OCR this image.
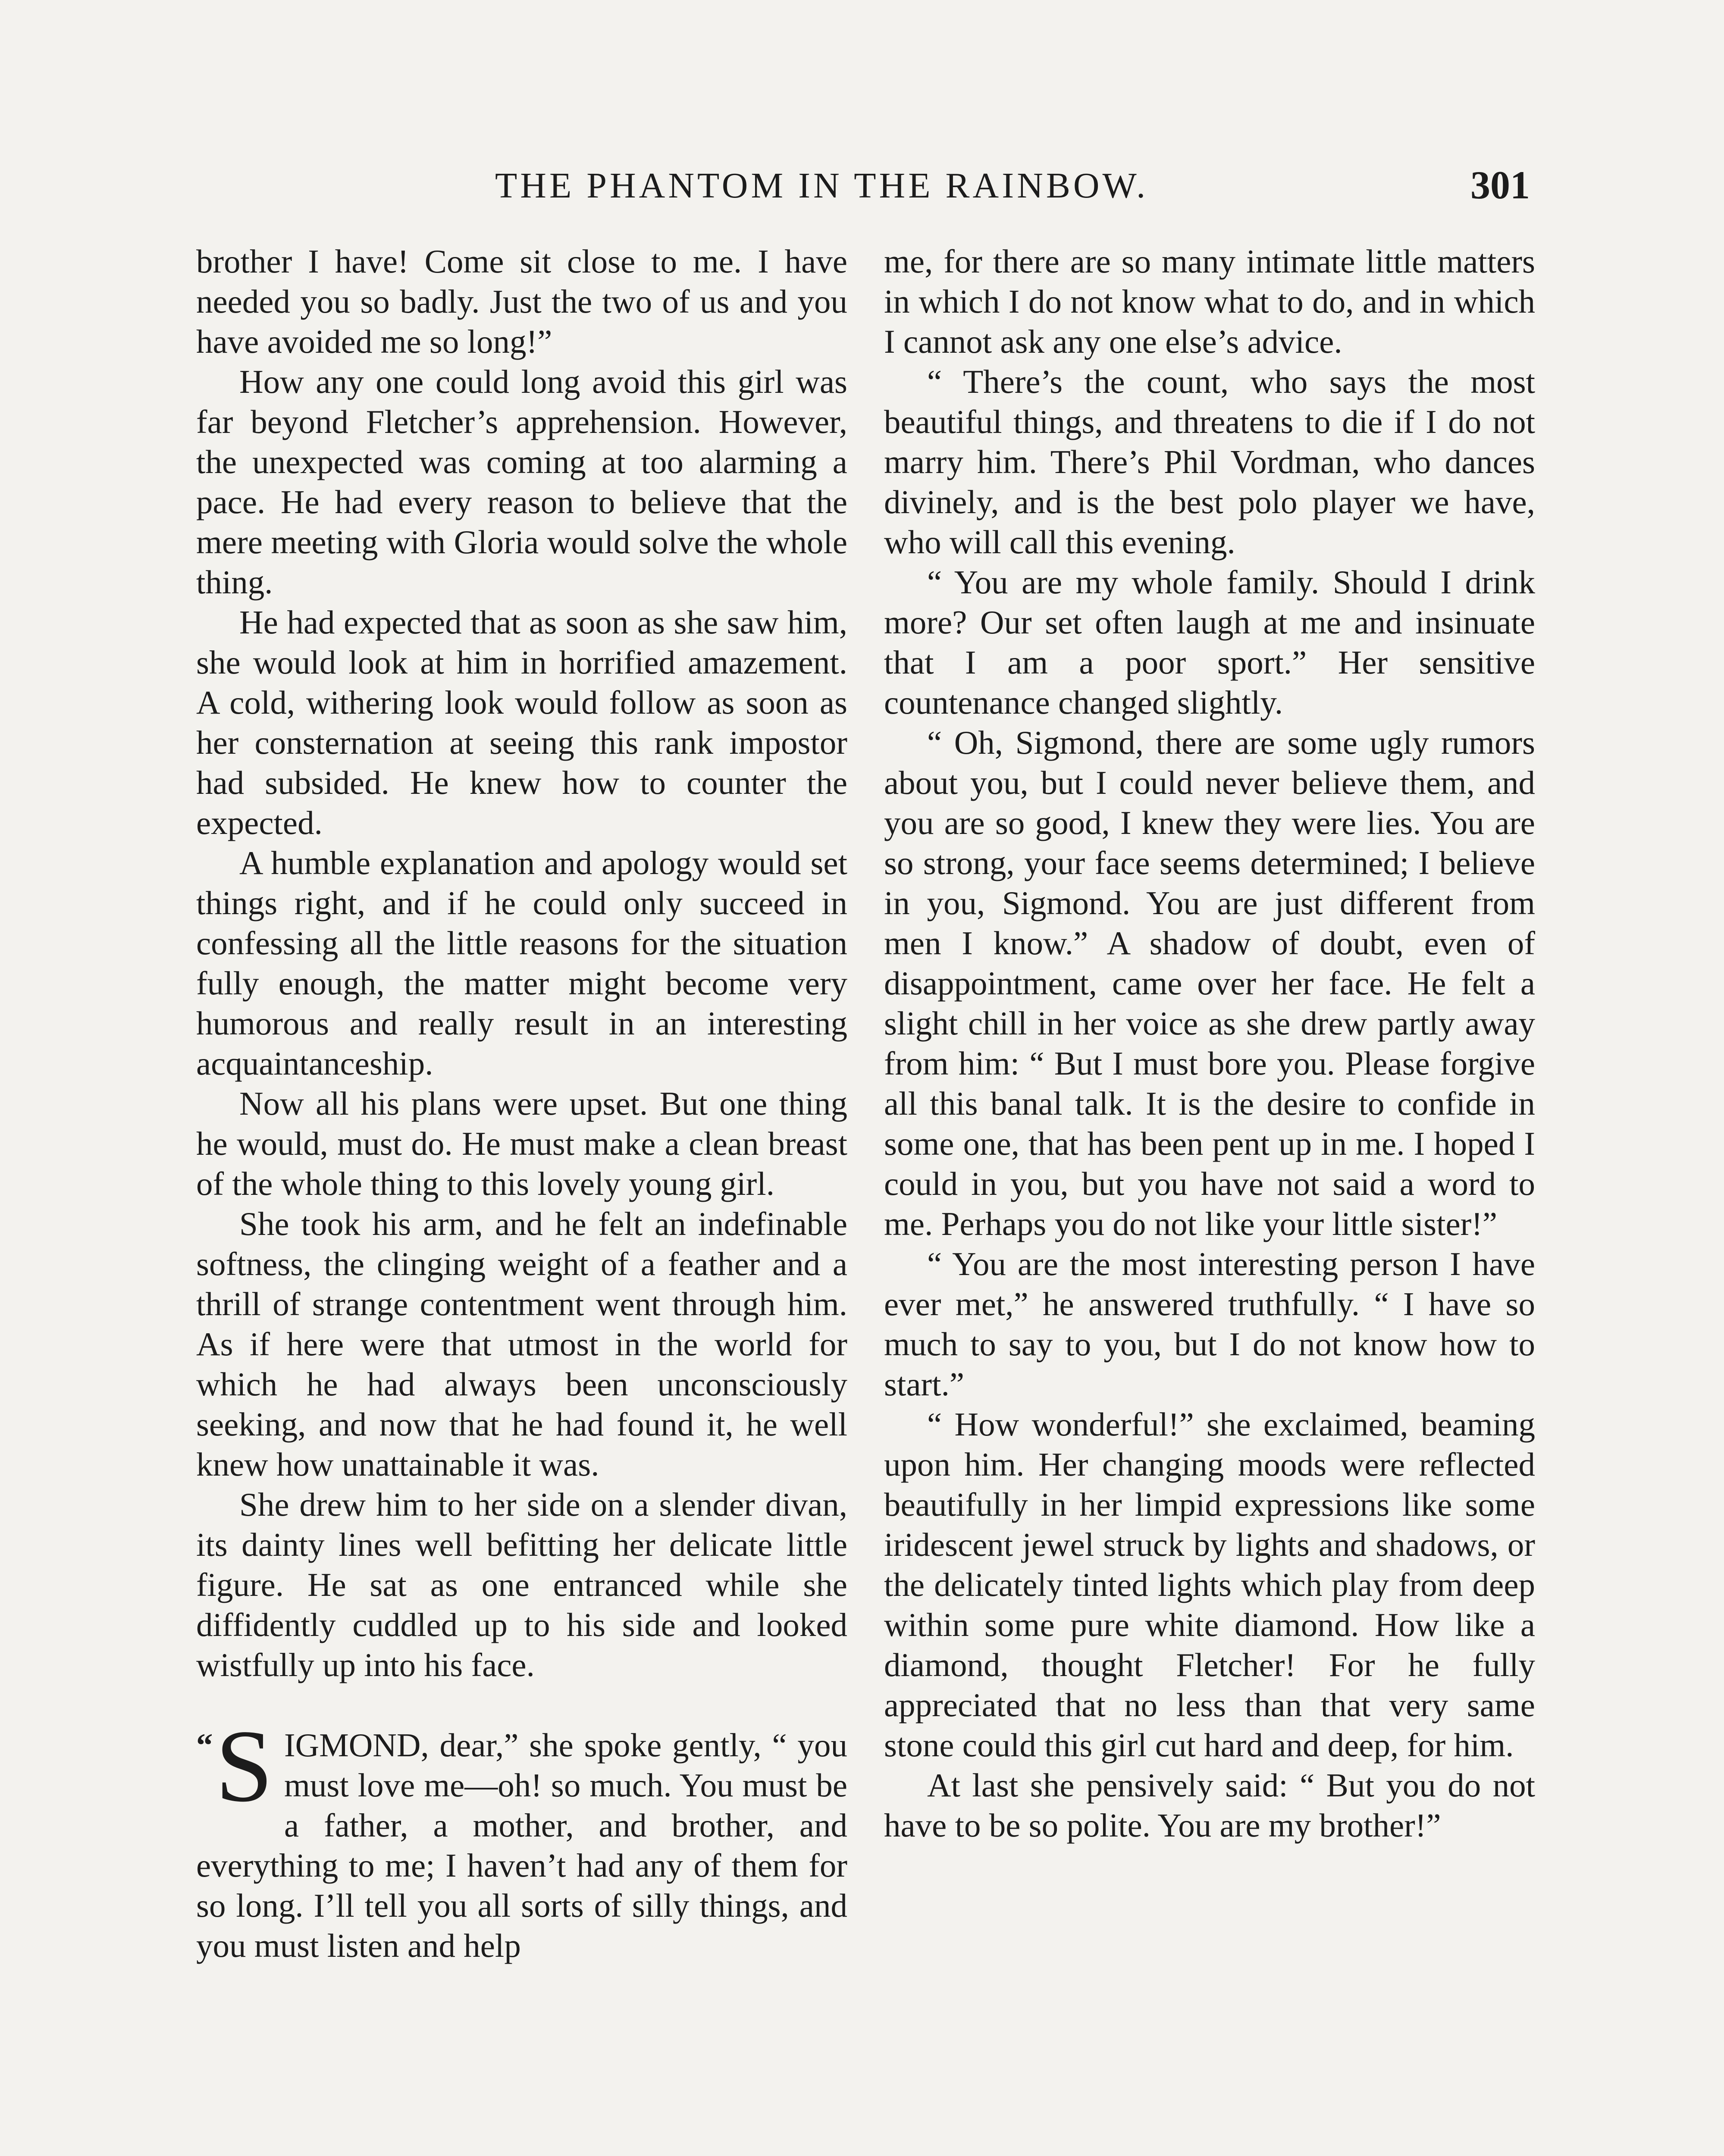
THE PHANTOM IN THE RAINBOW.	301

brother I have! Come sit close to me. I have needed you so badly. Just the two of us and you have avoided me so long!”

How any one could long avoid this girl was far beyond Fletcher’s apprehension. However, the unexpected was coming at too alarming a pace. He had every reason to believe that the mere meeting with Gloria would solve the whole thing.

He had expected that as soon as she saw him, she would look at him in horrified amazement. A cold, withering look would follow as soon as her consternation at seeing this rank impostor had subsided. He knew how to counter the expected.

A humble explanation and apology would set things right, and if he could only succeed in confessing all the little reasons for the situation fully enough, the matter might become very humorous and really result in an interesting acquaintanceship.

Now all his plans were upset. But one thing he would, must do. He must make a clean breast of the whole thing to this lovely young girl.

She took his arm, and he felt an indefinable softness, the clinging weight of a feather and a thrill of strange contentment went through him. As if here were that utmost in the world for which he had always been unconsciously seeking, and now that he had found it, he well knew how unattainable it was.

She drew him to her side on a slender divan, its dainty lines well befitting her delicate little figure. He sat as one entranced while she diffidently cuddled up to his side and looked wistfully up into his face.

“ S IGMOND, dear,” she spoke gently, “ you must love me—oh! so much. You must be a father, a mother, and brother, and everything to me; I haven’t had any of them for so long. I’ll tell you all sorts of silly things, and you must listen and help

me, for there are so many intimate little matters in which I do not know what to do, and in which I cannot ask any one else’s advice.

“ There’s the count, who says the most beautiful things, and threatens to die if I do not marry him. There’s Phil Vordman, who dances divinely, and is the best polo player we have, who will call this evening.

“ You are my whole family. Should I drink more? Our set often laugh at me and insinuate that I am a poor sport.” Her sensitive countenance changed slightly.

“ Oh, Sigmond, there are some ugly rumors about you, but I could never believe them, and you are so good, I knew they were lies. You are so strong, your face seems determined; I believe in you, Sigmond. You are just different from men I know.” A shadow of doubt, even of disappointment, came over her face. He felt a slight chill in her voice as she drew partly away from him: “ But I must bore you. Please forgive all this banal talk. It is the desire to confide in some one, that has been pent up in me. I hoped I could in you, but you have not said a word to me. Perhaps you do not like your little sister!”

“ You are the most interesting person I have ever met,” he answered truthfully. “ I have so much to say to you, but I do not know how to start.”

“ How wonderful!” she exclaimed, beaming upon him. Her changing moods were reflected beautifully in her limpid expressions like some iridescent jewel struck by lights and shadows, or the delicately tinted lights which play from deep within some pure white diamond. How like a diamond, thought Fletcher! For he fully appreciated that no less than that very same stone could this girl cut hard and deep, for him.

At last she pensively said: “ But you do not have to be so polite. You are my brother!”
